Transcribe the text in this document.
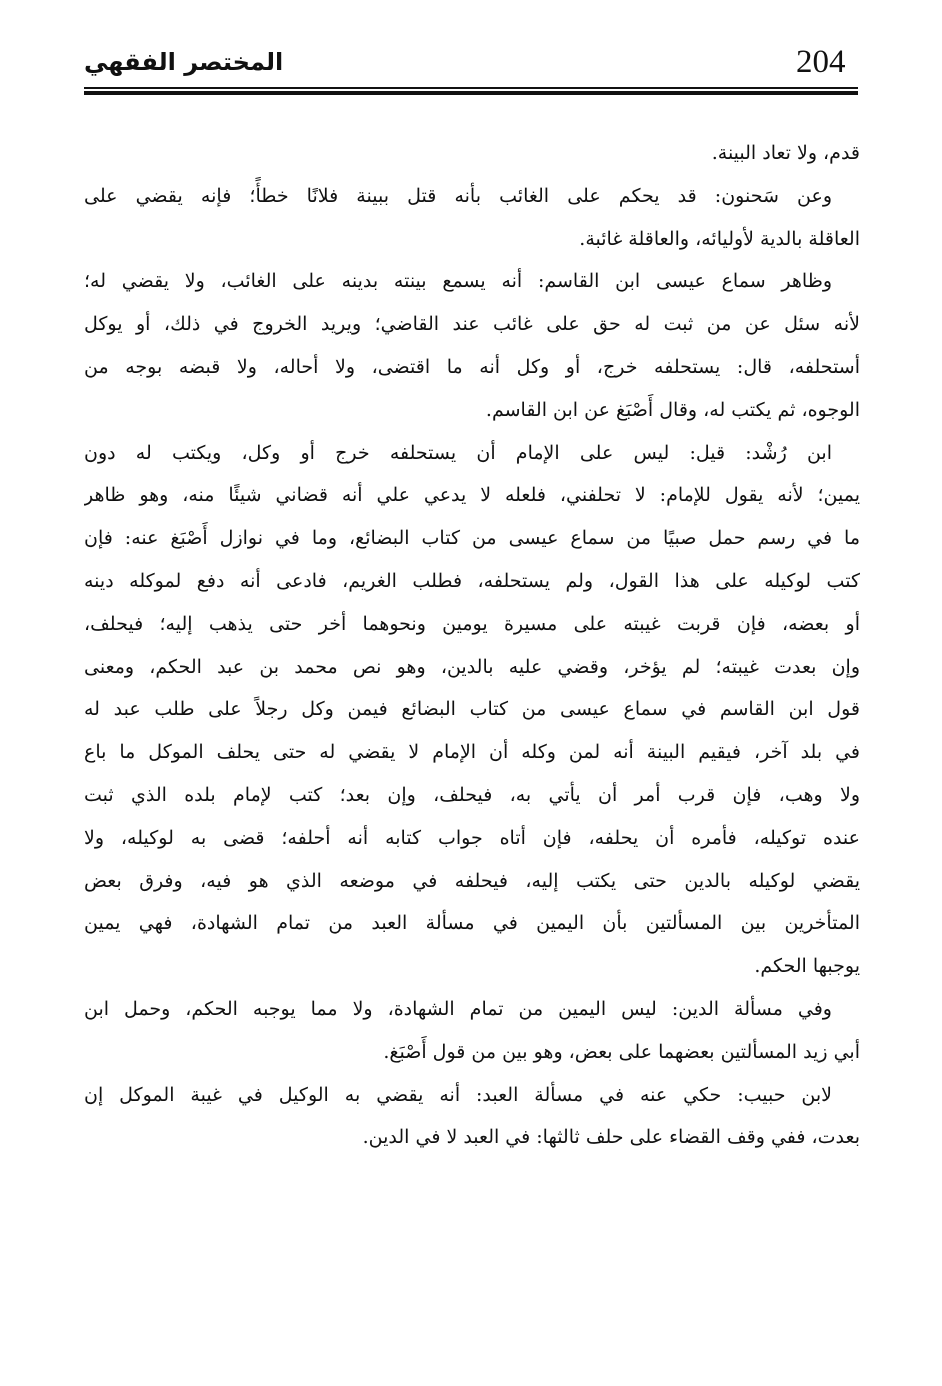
204
المختصر الفقهي
قدم، ولا تعاد البينة.
وعن سَحنون: قد يحكم على الغائب بأنه قتل ببينة فلانًا خطأً؛ فإنه يقضي على
العاقلة بالدية لأوليائه، والعاقلة غائبة.
وظاهر سماع عيسى ابن القاسم: أنه يسمع بينته بدينه على الغائب، ولا يقضي له؛
لأنه سئل عن من ثبت له حق على غائب عند القاضي؛ ويريد الخروج في ذلك، أو يوكل
أستحلفه، قال: يستحلفه خرج، أو وكل أنه ما اقتضى، ولا أحاله، ولا قبضه بوجه من
الوجوه، ثم يكتب له، وقال أَصْبَغ عن ابن القاسم.
ابن رُشْد: قيل: ليس على الإمام أن يستحلفه خرج أو وكل، ويكتب له دون
يمين؛ لأنه يقول للإمام: لا تحلفني، فلعله لا يدعي علي أنه قضاني شيئًا منه، وهو ظاهر
ما في رسم حمل صبيًا من سماع عيسى من كتاب البضائع، وما في نوازل أَصْبَغ عنه: فإن
كتب لوكيله على هذا القول، ولم يستحلفه، فطلب الغريم، فادعى أنه دفع لموكله دينه
أو بعضه، فإن قربت غيبته على مسيرة يومين ونحوهما أخر حتى يذهب إليه؛ فيحلف،
وإن بعدت غيبته؛ لم يؤخر، وقضي عليه بالدين، وهو نص محمد بن عبد الحكم، ومعنى
قول ابن القاسم في سماع عيسى من كتاب البضائع فيمن وكل رجلاً على طلب عبد له
في بلد آخر، فيقيم البينة أنه لمن وكله أن الإمام لا يقضي له حتى يحلف الموكل ما باع
ولا وهب، فإن قرب أمر أن يأتي به، فيحلف، وإن بعد؛ كتب لإمام بلده الذي ثبت
عنده توكيله، فأمره أن يحلفه، فإن أتاه جواب كتابه أنه أحلفه؛ قضى به لوكيله، ولا
يقضي لوكيله بالدين حتى يكتب إليه، فيحلفه في موضعه الذي هو فيه، وفرق بعض
المتأخرين بين المسألتين بأن اليمين في مسألة العبد من تمام الشهادة، فهي يمين
يوجبها الحكم.
وفي مسألة الدين: ليس اليمين من تمام الشهادة، ولا مما يوجبه الحكم، وحمل ابن
أبي زيد المسألتين بعضهما على بعض، وهو بين من قول أَصْبَغ.
لابن حبيب: حكي عنه في مسألة العبد: أنه يقضي به الوكيل في غيبة الموكل إن
بعدت، ففي وقف القضاء على حلف ثالثها: في العبد لا في الدين.
